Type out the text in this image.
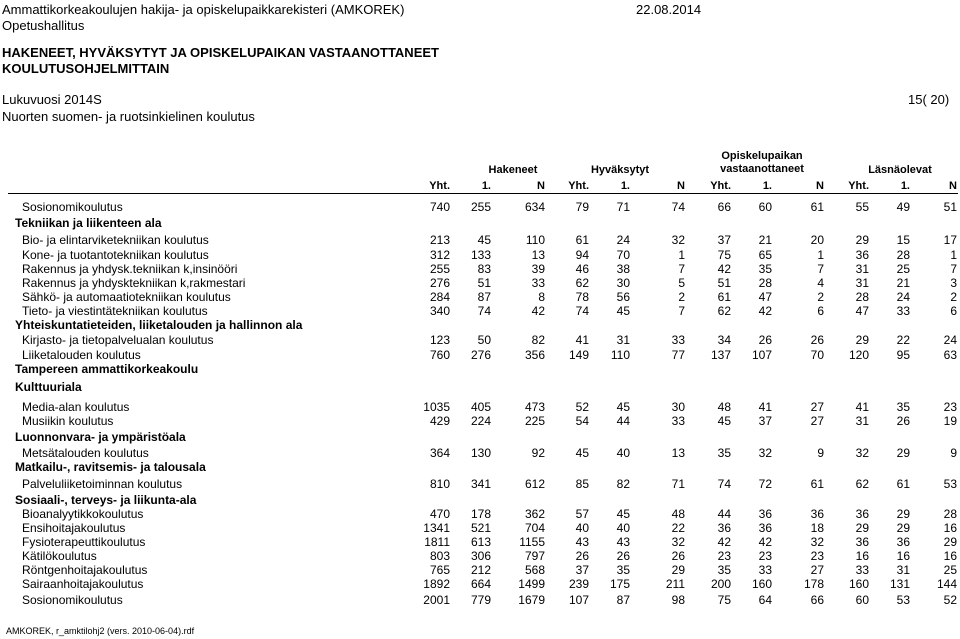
Ammattikorkeakoulujen hakija- ja opiskelupaikkarekisteri (AMKOREK)	22.08.2014
Opetushallitus
HAKENEET, HYVÄKSYTYT JA OPISKELUPAIKAN VASTAANOTTANEET
KOULUTUSOHJELMITTAIN
Lukuvuosi 2014S	15( 20)
Nuorten suomen- ja ruotsinkielinen koulutus
Hakeneet	Hyväksytyt
Opiskelupaikan vastaanottaneet	Läsnäolevat
Yht.	1.	N	Yht.	1.	N	Yht.	1.	N	Yht.	1.	N
Sosionomikoulutus	740	255	634	79	71	74	66	60	61	55	49	51
Tekniikan ja liikenteen ala
Bio- ja elintarviketekniikan koulutus	213	45	110	61	24	32	37	21	20	29	15	17
Kone- ja tuotantotekniikan koulutus	312	133	13	94	70	1	75	65	1	36	28	1
Rakennus ja yhdysk.tekniikan k,insinööri	255	83	39	46	38	7	42	35	7	31	25	7
Rakennus ja yhdysktekniikan k,rakmestari	276	51	33	62	30	5	51	28	4	31	21	3
Sähkö- ja automaatiotekniikan koulutus	284	87	8	78	56	2	61	47	2	28	24	2
Tieto- ja viestintätekniikan koulutus	340	74	42	74	45	7	62	42	6	47	33	6
Yhteiskuntatieteiden, liiketalouden ja hallinnon ala
Kirjasto- ja tietopalvelualan koulutus	123	50	82	41	31	33	34	26	26	29	22	24
Liiketalouden koulutus	760	276	356	149	110	77	137	107	70	120	95	63
Tampereen ammattikorkeakoulu
Kulttuuriala
Media-alan koulutus	1035	405	473	52	45	30	48	41	27	41	35	23
Musiikin koulutus	429	224	225	54	44	33	45	37	27	31	26	19
Luonnonvara- ja ympäristöala
Metsätalouden koulutus	364	130	92	45	40	13	35	32	9	32	29	9
Matkailu-, ravitsemis- ja talousala
Palveluliiketoiminnan koulutus	810	341	612	85	82	71	74	72	61	62	61	53
Sosiaali-, terveys- ja liikunta-ala
Bioanalyytikkokoulutus	470	178	362	57	45	48	44	36	36	36	29	28
Ensihoitajakoulutus	1341	521	704	40	40	22	36	36	18	29	29	16
Fysioterapeuttikoulutus	1811	613	1155	43	43	32	42	42	32	36	36	29
Kätilökoulutus	803	306	797	26	26	26	23	23	23	16	16	16
Röntgenhoitajakoulutus	765	212	568	37	35	29	35	33	27	33	31	25
Sairaanhoitajakoulutus	1892	664	1499	239	175	211	200	160	178	160	131	144
Sosionomikoulutus	2001	779	1679	107	87	98	75	64	66	60	53	52
AMKOREK, r_amktilohj2 (vers. 2010-06-04).rdf
